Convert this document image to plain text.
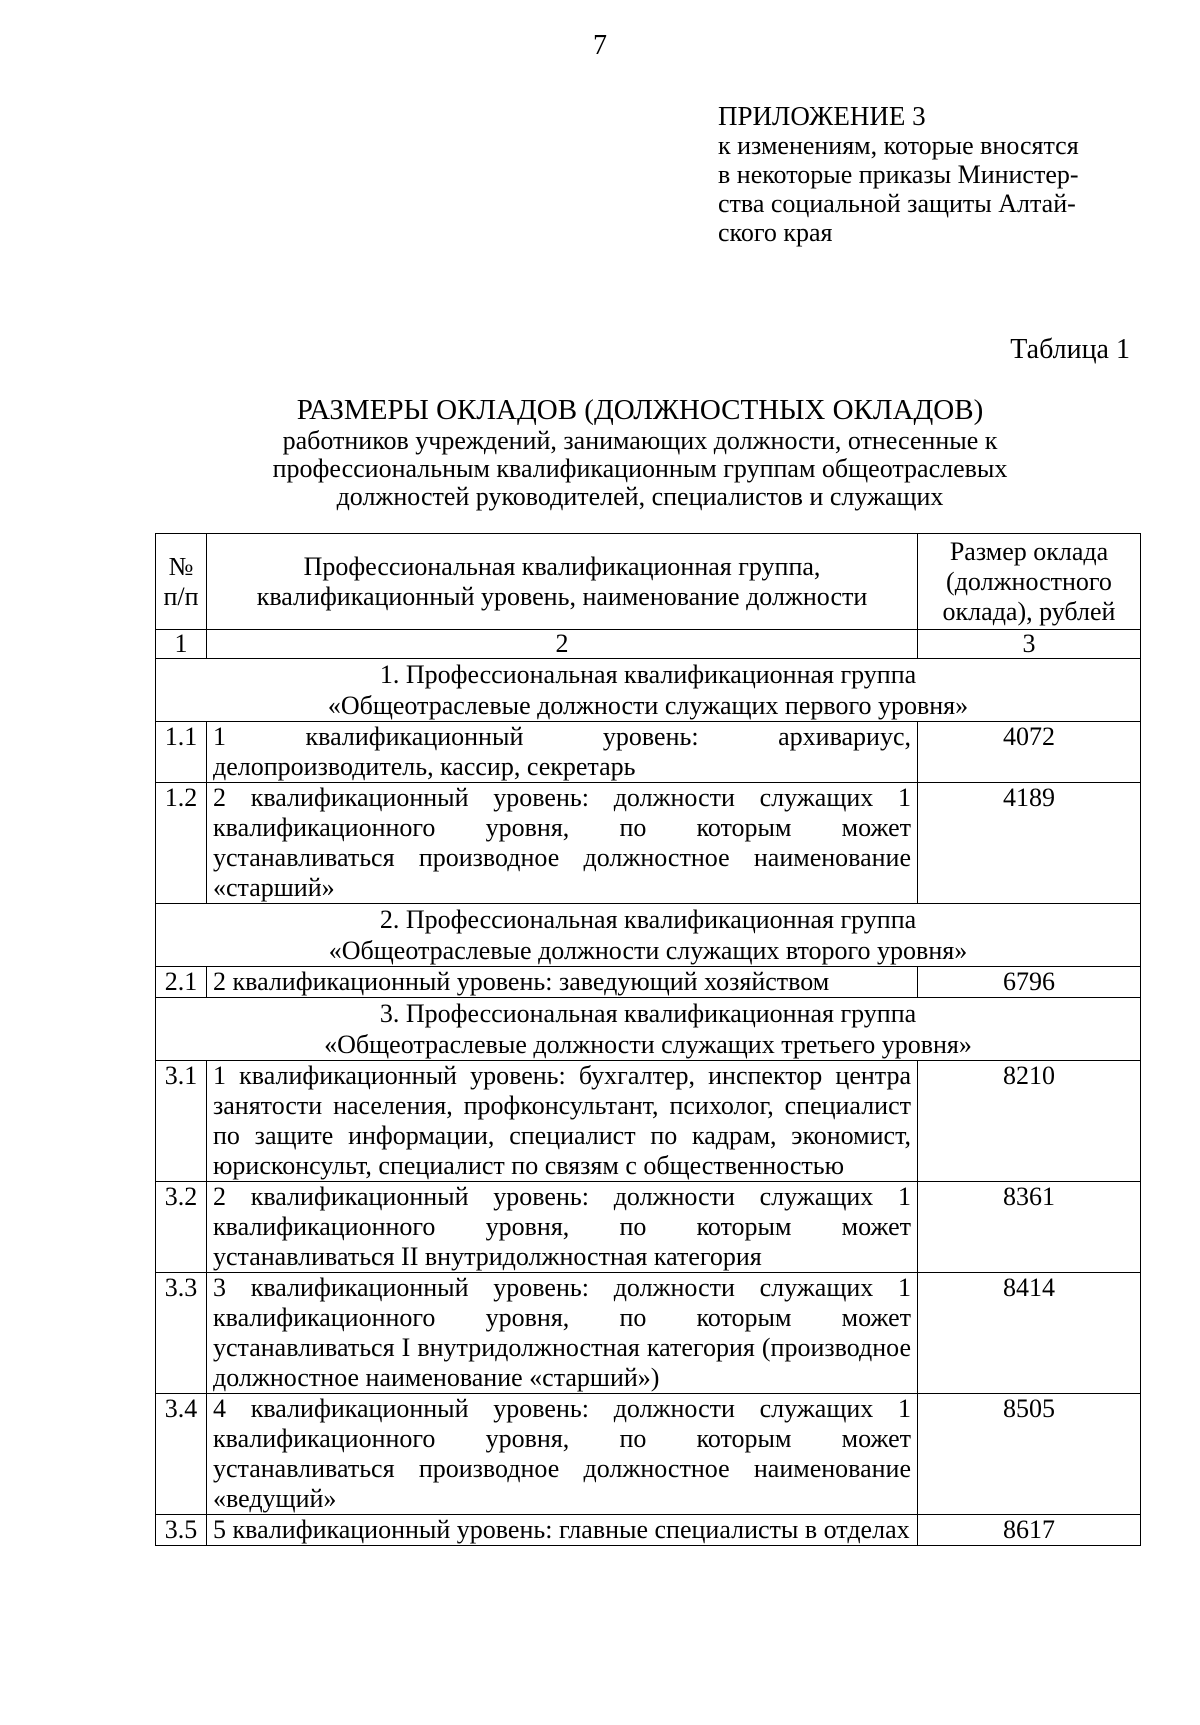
7
ПРИЛОЖЕНИЕ 3
к изменениям, которые вносятся
в некоторые приказы Министер-
ства социальной защиты Алтай-
ского края
Таблица 1
РАЗМЕРЫ ОКЛАДОВ (ДОЛЖНОСТНЫХ ОКЛАДОВ)
работников учреждений, занимающих должности, отнесенные к
профессиональным квалификационным группам общеотраслевых
должностей руководителей, специалистов и служащих
№ п/п	Профессиональная квалификационная группа, квалификационный уровень, наименование должности	Размер оклада (должностного оклада), рублей
1	2	3

1. Профессиональная квалификационная группа
«Общеотраслевые должности служащих первого уровня»		

1.1	1 квалификационный уровень: архивариус, делопроизводитель, кассир, секретарь	4072
1.2	2 квалификационный уровень: должности служащих 1 квалификационного уровня, по которым может устанавливаться производное должностное наименование «старший»	4189

2. Профессиональная квалификационная группа
«Общеотраслевые должности служащих второго уровня»		

2.1	2 квалификационный уровень: заведующий хозяйством	6796

3. Профессиональная квалификационная группа
«Общеотраслевые должности служащих третьего уровня»		

3.1	1 квалификационный уровень: бухгалтер, инспектор центра занятости населения, профконсультант, психолог, специалист по защите информации, специалист по кадрам, экономист, юрисконсульт, специалист по связям с общественностью	8210
3.2	2 квалификационный уровень: должности служащих 1 квалификационного уровня, по которым может устанавливаться II внутридолжностная категория	8361
3.3	3 квалификационный уровень: должности служащих 1 квалификационного уровня, по которым может устанавливаться I внутридолжностная категория (производное должностное наименование «старший»)	8414
3.4	4 квалификационный уровень: должности служащих 1 квалификационного уровня, по которым может устанавливаться производное должностное наименование «ведущий»	8505
3.5	5 квалификационный уровень: главные специалисты в отделах	8617
